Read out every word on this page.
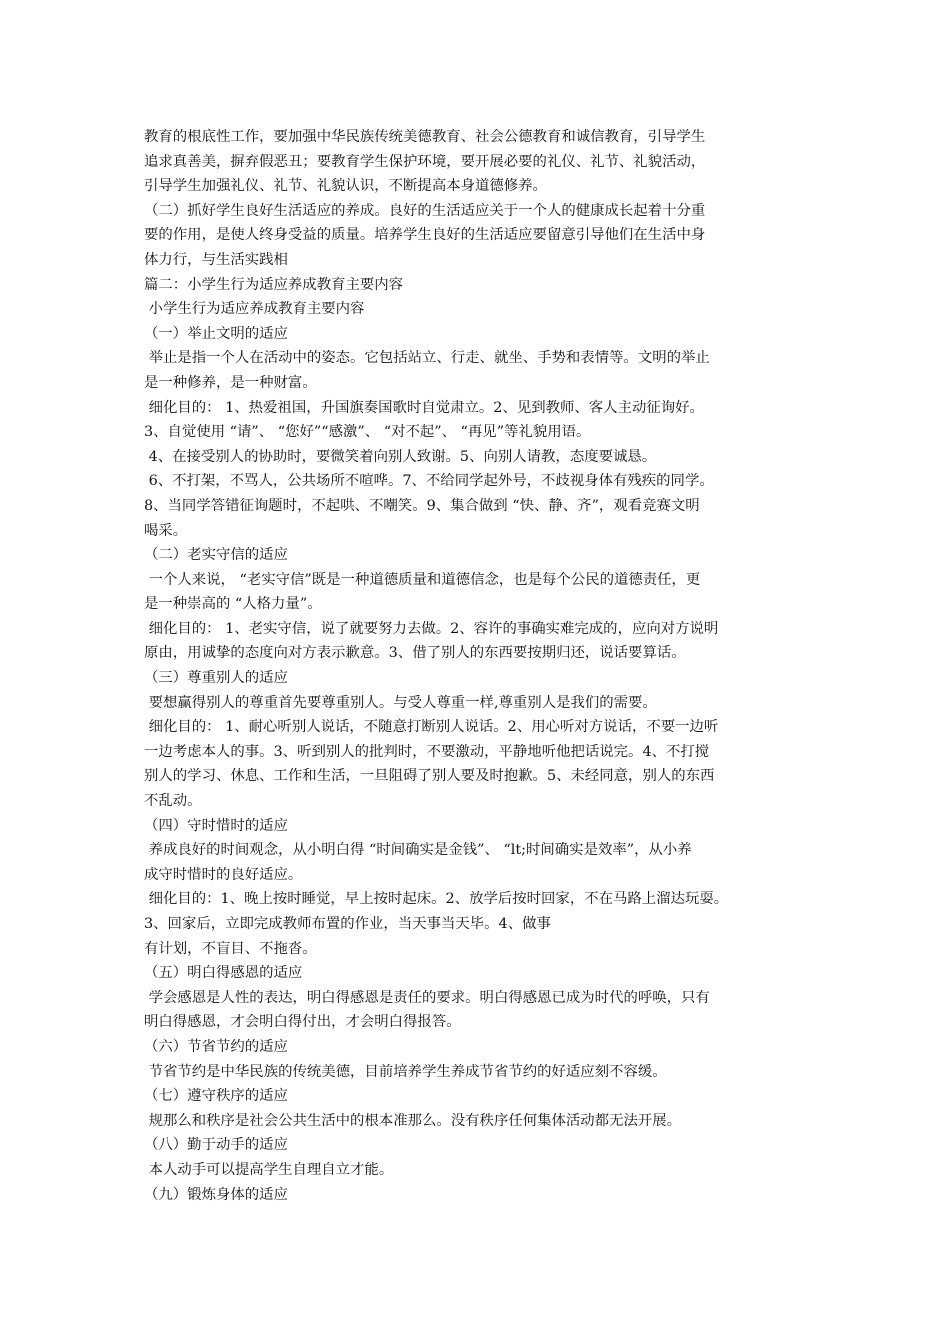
教育的根底性工作，要加强中华民族传统美德教育、社会公德教育和诚信教育，引导学生
追求真善美，摒弃假恶丑；要教育学生保护环境，要开展必要的礼仪、礼节、礼貌活动，
引导学生加强礼仪、礼节、礼貌认识，不断提高本身道德修养。
（二）抓好学生良好生活适应的养成。良好的生活适应关于一个人的健康成长起着十分重
要的作用，是使人终身受益的质量。培养学生良好的生活适应要留意引导他们在生活中身
体力行，与生活实践相
篇二：小学生行为适应养成教育主要内容
小学生行为适应养成教育主要内容
（一）举止文明的适应
举止是指一个人在活动中的姿态。它包括站立、行走、就坐、手势和表情等。文明的举止
是一种修养，是一种财富。
细化目的： 1、热爱祖国，升国旗奏国歌时自觉肃立。2、见到教师、客人主动征询好。
3、自觉使用 “请”、 “您好”“感激”、 “对不起”、 “再见”等礼貌用语。
4、在接受别人的协助时，要微笑着向别人致谢。5、向别人请教，态度要诚恳。
6、不打架，不骂人，公共场所不喧哗。7、不给同学起外号，不歧视身体有残疾的同学。
8、当同学答错征询题时，不起哄、不嘲笑。9、集合做到 “快、静、齐”，观看竞赛文明
喝采。
（二）老实守信的适应
一个人来说， “老实守信”既是一种道德质量和道德信念，也是每个公民的道德责任，更
是一种崇高的 “人格力量”。
细化目的： 1、老实守信，说了就要努力去做。2、容许的事确实难完成的，应向对方说明
原由，用诚挚的态度向对方表示歉意。3、借了别人的东西要按期归还，说话要算话。
（三）尊重别人的适应
要想赢得别人的尊重首先要尊重别人。与受人尊重一样,尊重别人是我们的需要。
细化目的： 1、耐心听别人说话，不随意打断别人说话。2、用心听对方说话，不要一边听
一边考虑本人的事。3、听到别人的批判时，不要激动，平静地听他把话说完。4、不打搅
别人的学习、休息、工作和生活，一旦阻碍了别人要及时抱歉。5、未经同意，别人的东西
不乱动。
（四）守时惜时的适应
养成良好的时间观念，从小明白得 “时间确实是金钱”、 “lt;时间确实是效率”，从小养
成守时惜时的良好适应。
细化目的：1、晚上按时睡觉，早上按时起床。2、放学后按时回家，不在马路上溜达玩耍。
3、回家后，立即完成教师布置的作业，当天事当天毕。4、做事
有计划，不盲目、不拖沓。
（五）明白得感恩的适应
学会感恩是人性的表达，明白得感恩是责任的要求。明白得感恩已成为时代的呼唤，只有
明白得感恩，才会明白得付出，才会明白得报答。
（六）节省节约的适应
节省节约是中华民族的传统美德，目前培养学生养成节省节约的好适应刻不容缓。
（七）遵守秩序的适应
规那么和秩序是社会公共生活中的根本准那么。没有秩序任何集体活动都无法开展。
（八）勤于动手的适应
本人动手可以提高学生自理自立才能。
（九）锻炼身体的适应
